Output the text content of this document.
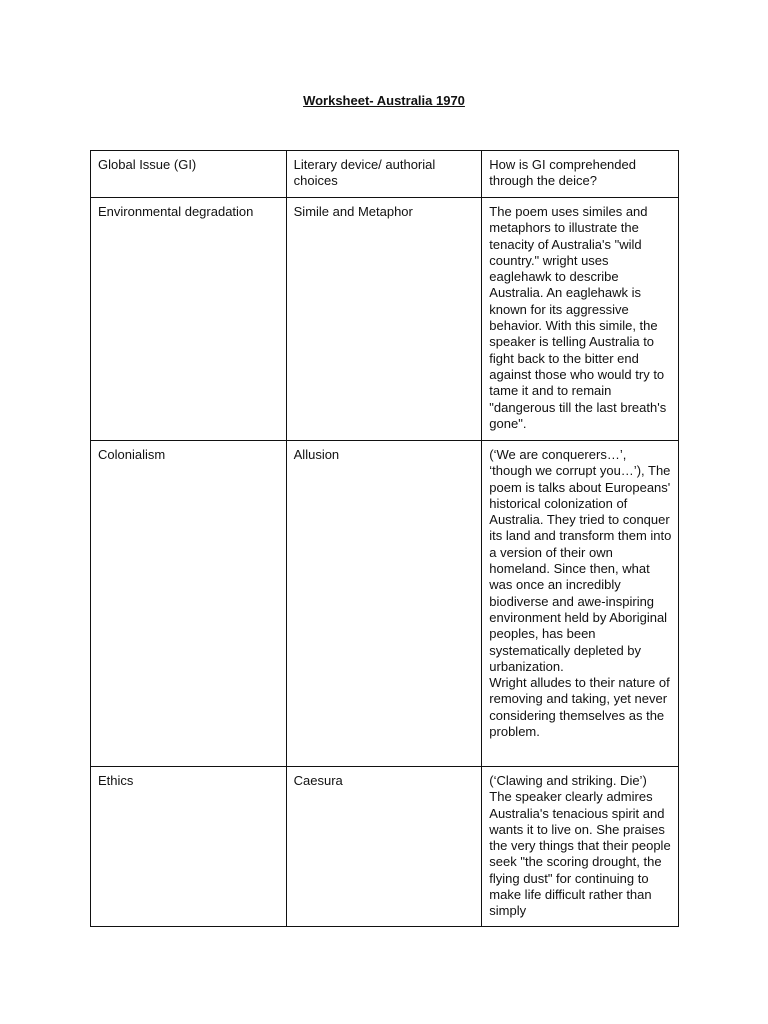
Worksheet- Australia 1970
Global Issue (GI)	Literary device/ authorial choices	How is GI comprehended through the deice?
Environmental degradation	Simile and Metaphor	The poem uses similes and metaphors to illustrate the tenacity of Australia's "wild country." wright uses eaglehawk to describe Australia. An eaglehawk is known for its aggressive behavior. With this simile, the speaker is telling Australia to fight back to the bitter end against those who would try to tame it and to remain "dangerous till the last breath's gone".

Colonialism	Allusion	(‘We are conquerers…’, ‘though we corrupt you…’), The poem is talks about Europeans' historical colonization of Australia. They tried to conquer its land and transform them into a version of their own homeland. Since then, what was once an incredibly biodiverse and awe-inspiring environment held by Aboriginal peoples, has been systematically depleted by urbanization.
Wright alludes to their nature of removing and taking, yet never considering themselves as the problem.

Ethics	Caesura	(‘Clawing and striking. Die’) The speaker clearly admires Australia's tenacious spirit and wants it to live on. She praises the very things that their people seek "the scoring drought, the flying dust" for continuing to make life difficult rather than simply
